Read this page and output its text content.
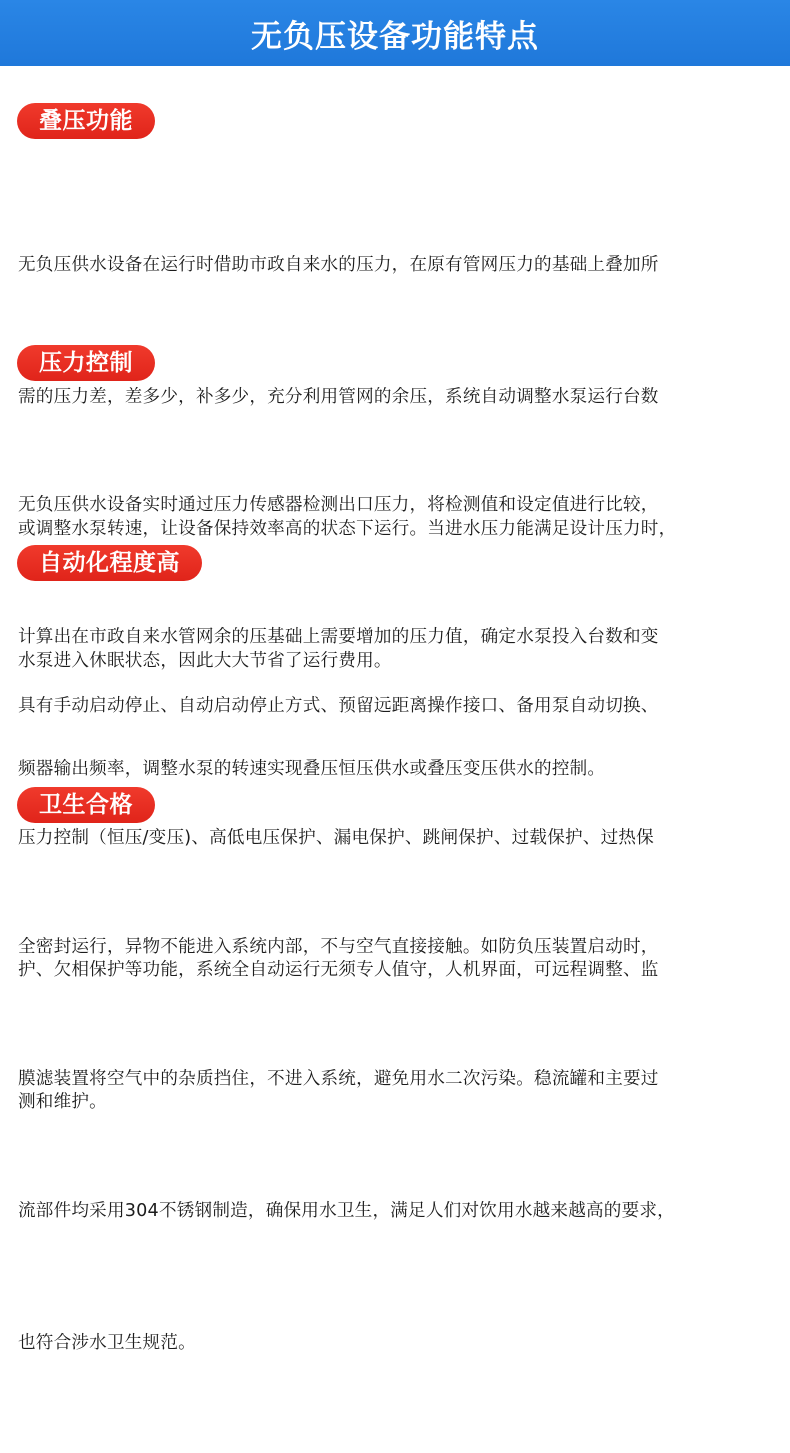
无负压设备功能特点
叠压功能

无负压供水设备在运行时借助市政自来水的压力，在原有管网压力的基础上叠加所

需的压力差，差多少，补多少，充分利用管网的余压，系统自动调整水泵运行台数

或调整水泵转速，让设备保持效率高的状态下运行。当进水压力能满足设计压力时，

水泵进入休眠状态，因此大大节省了运行费用。

压力控制

无负压供水设备实时通过压力传感器检测出口压力，将检测值和设定值进行比较，

计算出在市政自来水管网余的压基础上需要增加的压力值，确定水泵投入台数和变

频器输出频率，调整水泵的转速实现叠压恒压供水或叠压变压供水的控制。

自动化程度高

具有手动启动停止、自动启动停止方式、预留远距离操作接口、备用泵自动切换、

压力控制（恒压/变压)、高低电压保护、漏电保护、跳闸保护、过载保护、过热保

护、欠相保护等功能，系统全自动运行无须专人值守，人机界面，可远程调整、监

测和维护。

卫生合格

全密封运行，异物不能进入系统内部，不与空气直接接触。如防负压装置启动时，

膜滤装置将空气中的杂质挡住，不进入系统，避免用水二次污染。稳流罐和主要过

流部件均采用304不锈钢制造，确保用水卫生，满足人们对饮用水越来越高的要求，

也符合涉水卫生规范。
